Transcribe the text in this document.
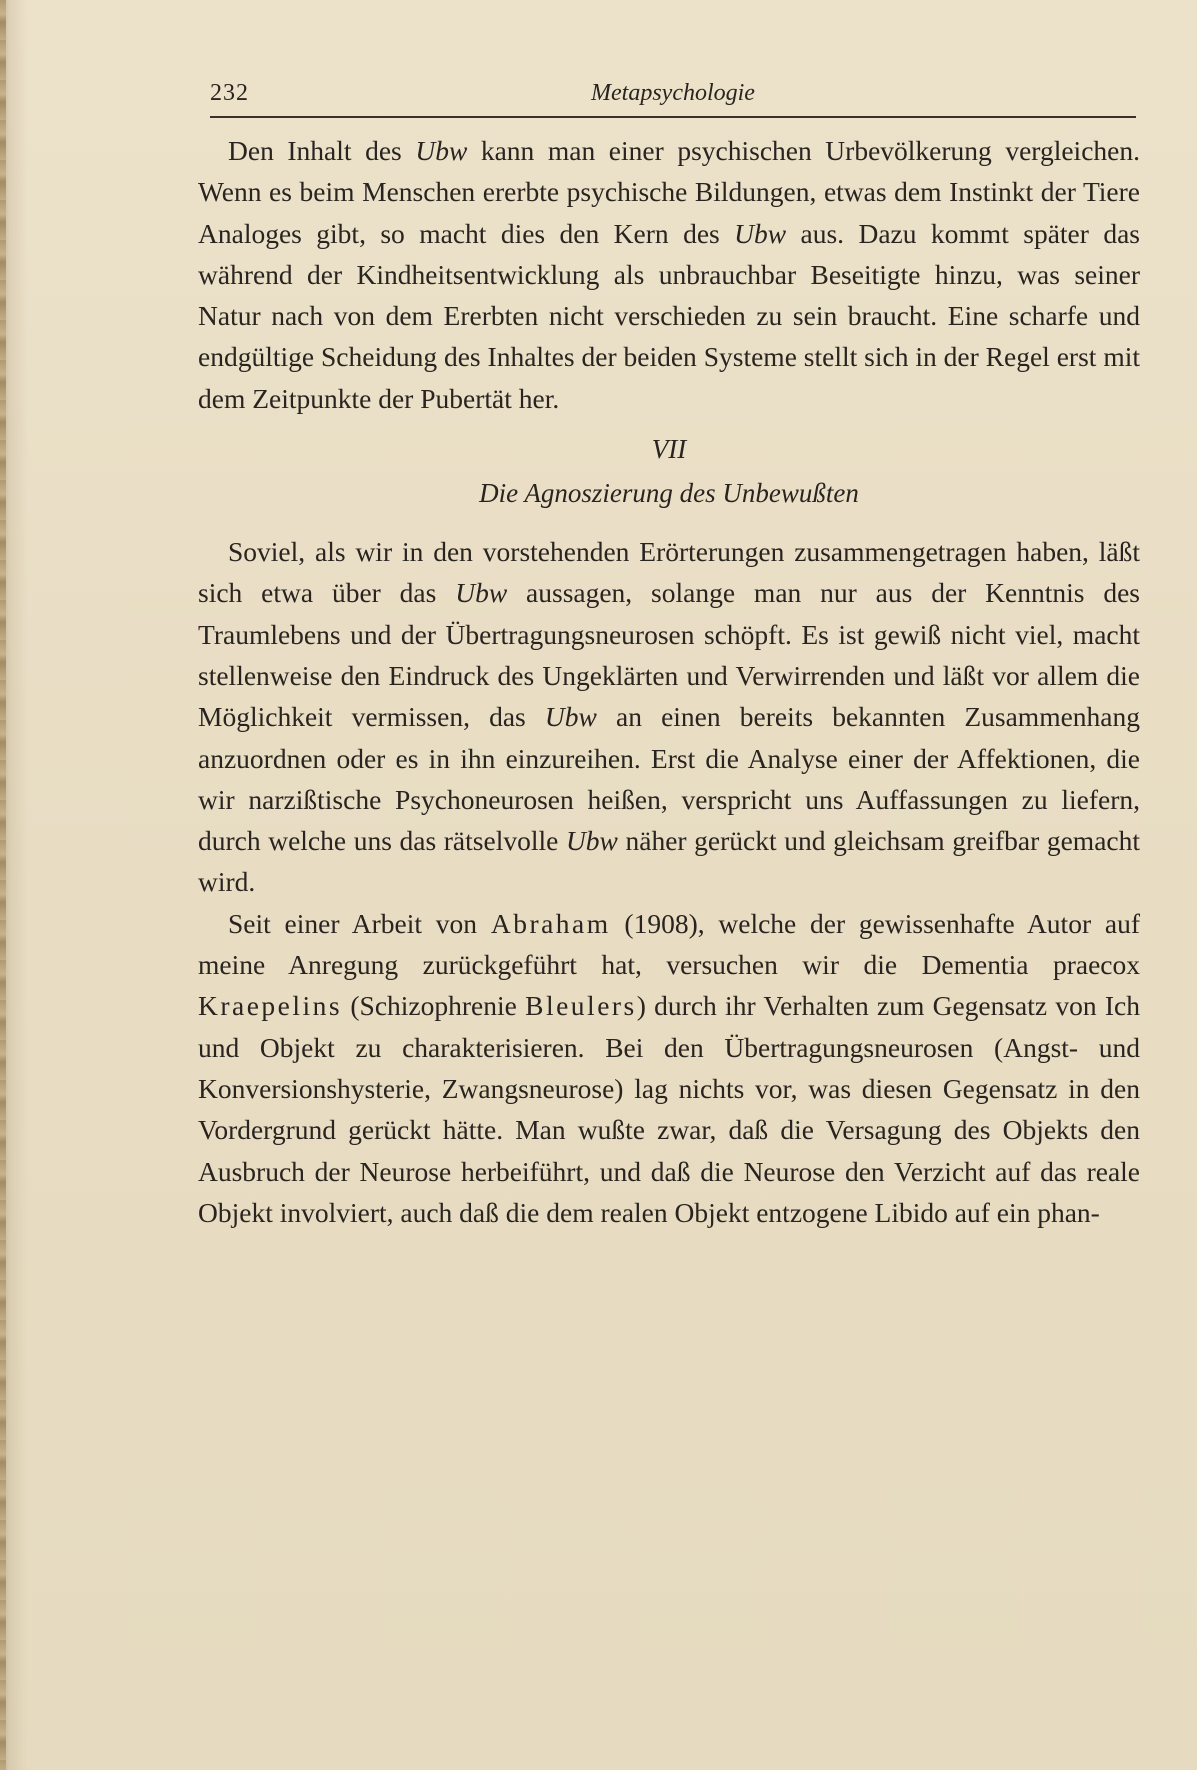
232	Metapsychologie

Den Inhalt des Ubw kann man einer psychischen Urbevölkerung vergleichen. Wenn es beim Menschen ererbte psychische Bildungen, etwas dem Instinkt der Tiere Analoges gibt, so macht dies den Kern des Ubw aus. Dazu kommt später das während der Kindheitsentwicklung als unbrauchbar Beseitigte hinzu, was seiner Natur nach von dem Ererbten nicht verschieden zu sein braucht. Eine scharfe und endgültige Scheidung des Inhaltes der beiden Systeme stellt sich in der Regel erst mit dem Zeitpunkte der Pubertät her.

VII

Die Agnoszierung des Unbewußten

Soviel, als wir in den vorstehenden Erörterungen zusammengetragen haben, läßt sich etwa über das Ubw aussagen, solange man nur aus der Kenntnis des Traumlebens und der Übertragungsneurosen schöpft. Es ist gewiß nicht viel, macht stellenweise den Eindruck des Ungeklärten und Verwirrenden und läßt vor allem die Möglichkeit vermissen, das Ubw an einen bereits bekannten Zusammenhang anzuordnen oder es in ihn einzureihen. Erst die Analyse einer der Affektionen, die wir narzißtische Psychoneurosen heißen, verspricht uns Auffassungen zu liefern, durch welche uns das rätselvolle Ubw näher gerückt und gleichsam greifbar gemacht wird.

Seit einer Arbeit von Abraham (1908), welche der gewissenhafte Autor auf meine Anregung zurückgeführt hat, versuchen wir die Dementia praecox Kraepelins (Schizophrenie Bleulers) durch ihr Verhalten zum Gegensatz von Ich und Objekt zu charakterisieren. Bei den Übertragungsneurosen (Angst- und Konversionshysterie, Zwangsneurose) lag nichts vor, was diesen Gegensatz in den Vordergrund gerückt hätte. Man wußte zwar, daß die Versagung des Objekts den Ausbruch der Neurose herbeiführt, und daß die Neurose den Verzicht auf das reale Objekt involviert, auch daß die dem realen Objekt entzogene Libido auf ein phan-
